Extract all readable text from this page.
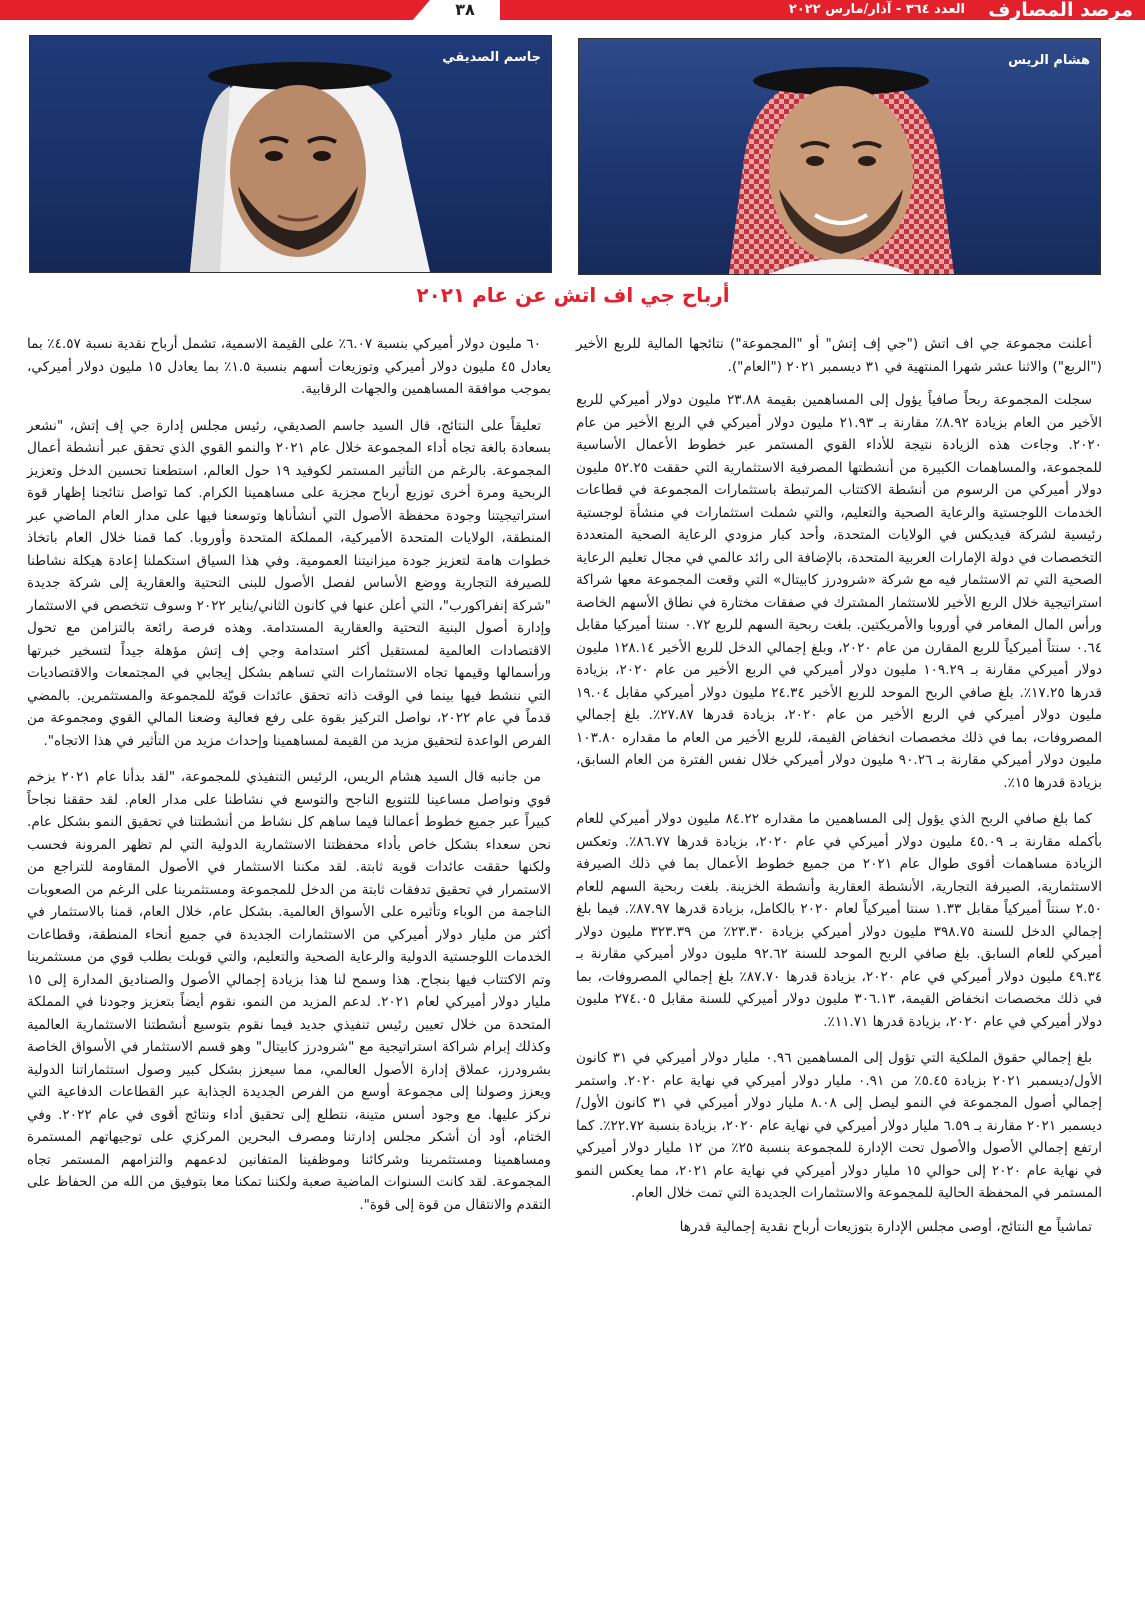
٣٨	مرصد المصارف
العدد ٣٦٤ - آذار/مارس ٢٠٢٢
هشام الريس
جاسم الصديقي
أرباح جي اف اتش عن عام ٢٠٢١

أعلنت مجموعة جي اف اتش ("جي إف إتش" أو "المجموعة") نتائجها المالية للربع الأخير ("الربع") والاثنا عشر شهرا المنتهية في ٣١ ديسمبر ٢٠٢١ ("العام").

سجلت المجموعة ربحاً صافياً يؤول إلى المساهمين بقيمة ٢٣.٨٨ مليون دولار أميركي للربع الأخير من العام بزيادة ٨.٩٢٪ مقارنة بـ ٢١.٩٣ مليون دولار أميركي في الربع الأخير من عام ٢٠٢٠. وجاءت هذه الزيادة نتيجة للأداء القوي المستمر عبر خطوط الأعمال الأساسية للمجموعة، والمساهمات الكبيرة من أنشطتها المصرفية الاستثمارية التي حققت ٥٢.٢٥ مليون دولار أميركي من الرسوم من أنشطة الاكتتاب المرتبطة باستثمارات المجموعة في قطاعات الخدمات اللوجستية والرعاية الصحية والتعليم، والتي شملت استثمارات في منشأة لوجستية رئيسية لشركة فيديكس في الولايات المتحدة، وأحد كبار مزودي الرعاية الصحية المتعددة التخصصات في دولة الإمارات العربية المتحدة، بالإضافة الى رائد عالمي في مجال تعليم الرعاية الصحية التي تم الاستثمار فيه مع شركة «شرودرز كابيتال» التي وقعت المجموعة معها شراكة استراتيجية خلال الربع الأخير للاستثمار المشترك في صفقات مختارة في نطاق الأسهم الخاصة ورأس المال المغامر في أوروبا والأمريكتين. بلغت ربحية السهم للربع ٠.٧٢ سنتا أميركيا مقابل ٠.٦٤ سنتاً أميركياً للربع المقارن من عام ٢٠٢٠، وبلغ إجمالي الدخل للربع الأخير ١٢٨.١٤ مليون دولار أميركي مقارنة بـ ١٠٩.٢٩ مليون دولار أميركي في الربع الأخير من عام ٢٠٢٠، بزيادة قدرها ١٧.٢٥٪. بلغ صافي الربح الموحد للربع الأخير ٢٤.٣٤ مليون دولار أميركي مقابل ١٩.٠٤ مليون دولار أميركي في الربع الأخير من عام ٢٠٢٠، بزيادة قدرها ٢٧.٨٧٪. بلغ إجمالي المصروفات، بما في ذلك مخصصات انخفاض القيمة، للربع الأخير من العام ما مقداره ١٠٣.٨٠ مليون دولار أميركي مقارنة بـ ٩٠.٢٦ مليون دولار أميركي خلال نفس الفترة من العام السابق، بزيادة قدرها ١٥٪.

كما بلغ صافي الربح الذي يؤول إلى المساهمين ما مقداره ٨٤.٢٢ مليون دولار أميركي للعام بأكمله مقارنة بـ ٤٥.٠٩ مليون دولار أميركي في عام ٢٠٢٠، بزيادة قدرها ٨٦.٧٧٪. وتعكس الزيادة مساهمات أقوى طوال عام ٢٠٢١ من جميع خطوط الأعمال بما في ذلك الصيرفة الاستثمارية، الصيرفة التجارية، الأنشطة العقارية وأنشطة الخزينة. بلغت ربحية السهم للعام ٢.٥٠ سنتاً أميركياً مقابل ١.٣٣ سنتا أميركياً لعام ٢٠٢٠ بالكامل، بزيادة قدرها ٨٧.٩٧٪. فيما بلغ إجمالي الدخل للسنة ٣٩٨.٧٥ مليون دولار أميركي بزيادة ٢٣.٣٠٪ من ٣٢٣.٣٩ مليون دولار أميركي للعام السابق. بلغ صافي الربح الموحد للسنة ٩٢.٦٢ مليون دولار أميركي مقارنة بـ ٤٩.٣٤ مليون دولار أميركي في عام ٢٠٢٠، بزيادة قدرها ٨٧.٧٠٪ بلغ إجمالي المصروفات، بما في ذلك مخصصات انخفاض القيمة، ٣٠٦.١٣ مليون دولار أميركي للسنة مقابل ٢٧٤.٠٥ مليون دولار أميركي في عام ٢٠٢٠، بزيادة قدرها ١١.٧١٪.

بلغ إجمالي حقوق الملكية التي تؤول إلى المساهمين ٠.٩٦ مليار دولار أميركي في ٣١ كانون الأول/ديسمبر ٢٠٢١ بزيادة ٥.٤٥٪ من ٠.٩١ مليار دولار أميركي في نهاية عام ٢٠٢٠. واستمر إجمالي أصول المجموعة في النمو ليصل إلى ٨.٠٨ مليار دولار أميركي في ٣١ كانون الأول/ديسمبر ٢٠٢١ مقارنة بـ ٦.٥٩ مليار دولار أميركي في نهاية عام ٢٠٢٠، بزيادة بنسبة ٢٢.٧٢٪. كما ارتفع إجمالي الأصول والأصول تحت الإدارة للمجموعة بنسبة ٢٥٪ من ١٢ مليار دولار أميركي في نهاية عام ٢٠٢٠ إلى حوالي ١٥ مليار دولار أميركي في نهاية عام ٢٠٢١، مما يعكس النمو المستمر في المحفظة الحالية للمجموعة والاستثمارات الجديدة التي تمت خلال العام.

تماشياً مع النتائج، أوصى مجلس الإدارة بتوزيعات أرباح نقدية إجمالية قدرها

٦٠ مليون دولار أميركي بنسبة ٦.٠٧٪ على القيمة الاسمية، تشمل أرباح نقدية نسبة ٤.٥٧٪ بما يعادل ٤٥ مليون دولار أميركي وتوزيعات أسهم بنسبة ١.٥٪ بما يعادل ١٥ مليون دولار أميركي، بموجب موافقة المساهمين والجهات الرقابية.

تعليقاً على النتائج، قال السيد جاسم الصديقي، رئيس مجلس إدارة جي إف إتش، "نشعر بسعادة بالغة تجاه أداء المجموعة خلال عام ٢٠٢١ والنمو القوي الذي تحقق عبر أنشطة أعمال المجموعة. بالرغم من التأثير المستمر لكوفيد ١٩ حول العالم، استطعنا تحسين الدخل وتعزيز الربحية ومرة أخرى توزيع أرباح مجزية على مساهمينا الكرام. كما تواصل نتائجنا إظهار قوة استراتيجيتنا وجودة محفظة الأصول التي أنشأناها وتوسعنا فيها على مدار العام الماضي عبر المنطقة، الولايات المتحدة الأميركية، المملكة المتحدة وأوروبا. كما قمنا خلال العام باتخاذ خطوات هامة لتعزيز جودة ميزانيتنا العمومية. وفي هذا السياق استكملنا إعادة هيكلة نشاطنا للصيرفة التجارية ووضع الأساس لفصل الأصول للبنى التحتية والعقارية إلى شركة جديدة "شركة إنفراكورب"، التي أعلن عنها في كانون الثاني/يناير ٢٠٢٢ وسوف تتخصص في الاستثمار وإدارة أصول البنية التحتية والعقارية المستدامة. وهذه فرصة رائعة بالتزامن مع تحول الاقتصادات العالمية لمستقبل أكثر استدامة وجي إف إتش مؤهلة جيداً لتسخير خبرتها ورأسمالها وقيمها تجاه الاستثمارات التي تساهم بشكل إيجابي في المجتمعات والاقتصاديات التي ننشط فيها بينما في الوقت ذاته تحقق عائدات قويّة للمجموعة والمستثمرين. بالمضي قدماً في عام ٢٠٢٢، نواصل التركيز بقوة على رفع فعالية وضعنا المالي القوي ومجموعة من الفرص الواعدة لتحقيق مزيد من القيمة لمساهمينا وإحداث مزيد من التأثير في هذا الاتجاه".

من جانبه قال السيد هشام الريس، الرئيس التنفيذي للمجموعة، "لقد بدأنا عام ٢٠٢١ بزخم قوي ونواصل مساعينا للتنويع الناجح والتوسع في نشاطنا على مدار العام. لقد حققنا نجاحاً كبيراً عبر جميع خطوط أعمالنا فيما ساهم كل نشاط من أنشطتنا في تحقيق النمو بشكل عام. نحن سعداء بشكل خاص بأداء محفظتنا الاستثمارية الدولية التي لم تظهر المرونة فحسب ولكنها حققت عائدات قوية ثابتة. لقد مكننا الاستثمار في الأصول المقاومة للتراجع من الاستمرار في تحقيق تدفقات ثابتة من الدخل للمجموعة ومستثمرينا على الرغم من الصعوبات الناجمة من الوباء وتأثيره على الأسواق العالمية. بشكل عام، خلال العام، قمنا بالاستثمار في أكثر من مليار دولار أميركي من الاستثمارات الجديدة في جميع أنحاء المنطقة، وقطاعات الخدمات اللوجستية الدولية والرعاية الصحية والتعليم، والتي قوبلت بطلب قوي من مستثمرينا وتم الاكتتاب فيها بنجاح. هذا وسمح لنا هذا بزيادة إجمالي الأصول والصناديق المدارة إلى ١٥ مليار دولار أميركي لعام ٢٠٢١. لدعم المزيد من النمو، نقوم أيضاً بتعزيز وجودنا في المملكة المتحدة من خلال تعيين رئيس تنفيذي جديد فيما نقوم بتوسيع أنشطتنا الاستثمارية العالمية وكذلك إبرام شراكة استراتيجية مع "شرودرز كابيتال" وهو قسم الاستثمار في الأسواق الخاصة بشرودرز، عملاق إدارة الأصول العالمي، مما سيعزز بشكل كبير وصول استثماراتنا الدولية ويعزز وصولنا إلى مجموعة أوسع من الفرص الجديدة الجذابة عبر القطاعات الدفاعية التي نركز عليها. مع وجود أسس متينة، نتطلع إلى تحقيق أداء ونتائج أقوى في عام ٢٠٢٢. وفي الختام، أود أن أشكر مجلس إدارتنا ومصرف البحرين المركزي على توجيهاتهم المستمرة ومساهمينا ومستثمرينا وشركائنا وموظفينا المتفانين لدعمهم والتزامهم المستمر تجاه المجموعة. لقد كانت السنوات الماضية صعبة ولكننا تمكنا معا بتوفيق من الله من الحفاظ على التقدم والانتقال من قوة إلى قوة".
